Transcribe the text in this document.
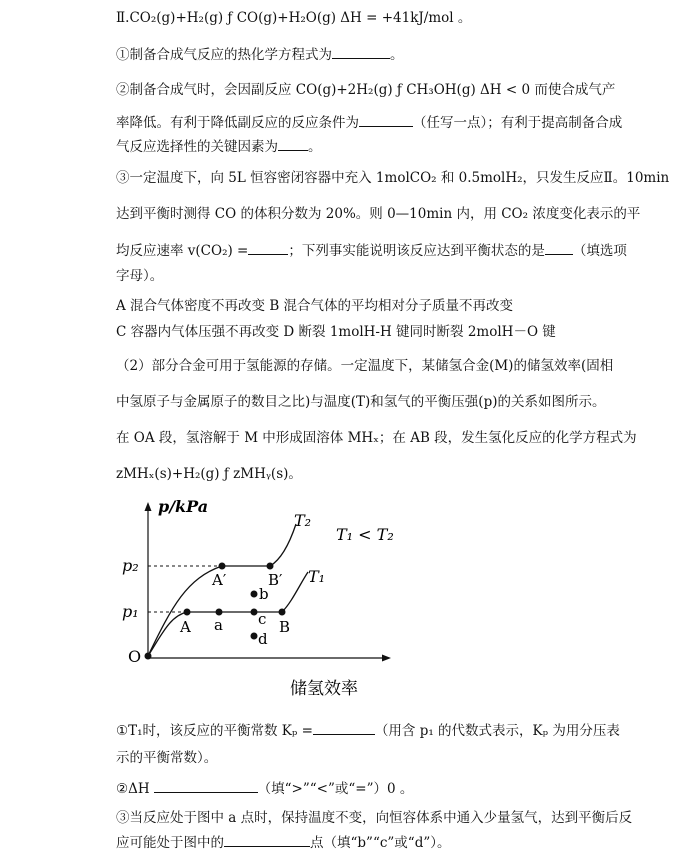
Ⅱ.CO₂(g)+H₂(g) ƒ CO(g)+H₂O(g) ΔH = +41kJ/mol 。
①制备合成气反应的热化学方程式为	。
②制备合成气时，会因副反应 CO(g)+2H₂(g) ƒ CH₃OH(g) ΔH < 0 而使合成气产
率降低。有利于降低副反应的反应条件为	（任写一点）；有利于提高制备合成
气反应选择性的关键因素为 。
③一定温度下，向 5L 恒容密闭容器中充入 1molCO₂ 和 0.5molH₂，只发生反应Ⅱ。10min
达到平衡时测得 CO 的体积分数为 20%。则 0—10min 内，用 CO₂ 浓度变化表示的平
均反应速率 v(CO₂) =	；下列事实能说明该反应达到平衡状态的是 （填选项
字母）。
A 混合气体密度不再改变 B 混合气体的平均相对分子质量不再改变
C 容器内气体压强不再改变 D 断裂 1molH-H 键同时断裂 2molH－O 键
（2）部分合金可用于氢能源的存储。一定温度下，某储氢合金(M)的储氢效率(固相
中氢原子与金属原子的数目之比)与温度(T)和氢气的平衡压强(p)的关系如图所示。
在 OA 段，氢溶解于 M 中形成固溶体 MHₓ；在 AB 段，发生氢化反应的化学方程式为
zMHₓ(s)+H₂(g) ƒ zMHᵧ(s)。
p/kPa
p₂
p₁
O
A′	B′
A a
b
c
d
B
T₂
T₁
T₁ < T₂
储氢效率
①T₁时，该反应的平衡常数 Kₚ =	（用含 p₁ 的代数式表示，Kₚ 为用分压表
示的平衡常数）。
②ΔH	（填“>”“<”或“=”）0 。
③当反应处于图中 a 点时，保持温度不变，向恒容体系中通入少量氢气，达到平衡后反
应可能处于图中的	点（填“b”“c”或“d”）。
